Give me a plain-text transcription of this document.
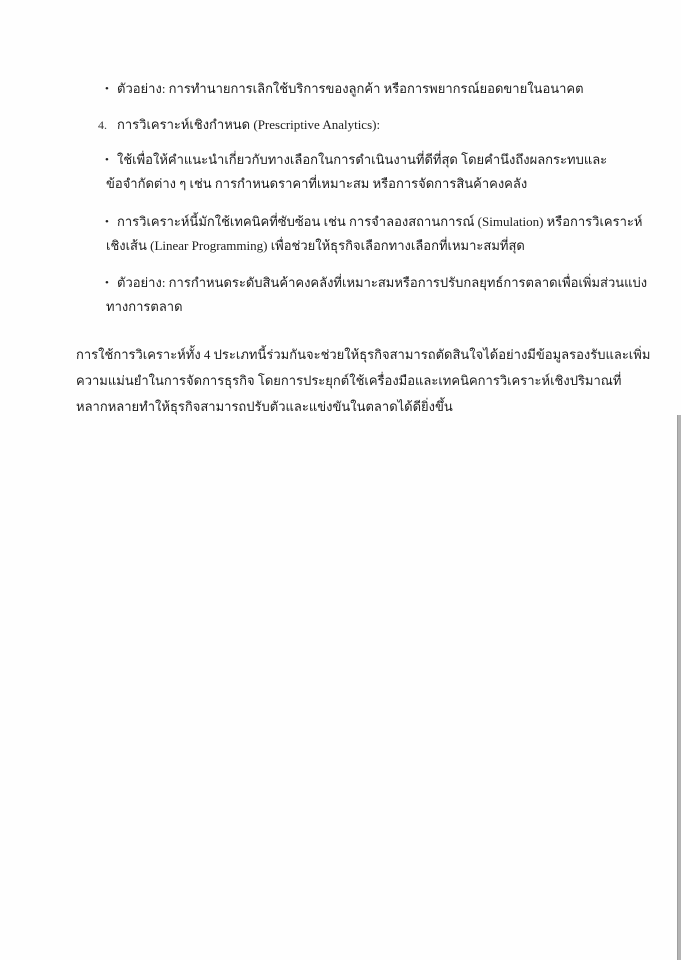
• ตัวอย่าง: การทำนายการเลิกใช้บริการของลูกค้า หรือการพยากรณ์ยอดขายในอนาคต
4. การวิเคราะห์เชิงกำหนด (Prescriptive Analytics):
• ใช้เพื่อให้คำแนะนำเกี่ยวกับทางเลือกในการดำเนินงานที่ดีที่สุด โดยคำนึงถึงผลกระทบและ
ข้อจำกัดต่าง ๆ เช่น การกำหนดราคาที่เหมาะสม หรือการจัดการสินค้าคงคลัง
• การวิเคราะห์นี้มักใช้เทคนิคที่ซับซ้อน เช่น การจำลองสถานการณ์ (Simulation) หรือการวิเคราะห์
เชิงเส้น (Linear Programming) เพื่อช่วยให้ธุรกิจเลือกทางเลือกที่เหมาะสมที่สุด
• ตัวอย่าง: การกำหนดระดับสินค้าคงคลังที่เหมาะสมหรือการปรับกลยุทธ์การตลาดเพื่อเพิ่มส่วนแบ่ง
ทางการตลาด
การใช้การวิเคราะห์ทั้ง 4 ประเภทนี้ร่วมกันจะช่วยให้ธุรกิจสามารถตัดสินใจได้อย่างมีข้อมูลรองรับและเพิ่ม
ความแม่นยำในการจัดการธุรกิจ โดยการประยุกต์ใช้เครื่องมือและเทคนิคการวิเคราะห์เชิงปริมาณที่
หลากหลายทำให้ธุรกิจสามารถปรับตัวและแข่งขันในตลาดได้ดียิ่งขึ้น
